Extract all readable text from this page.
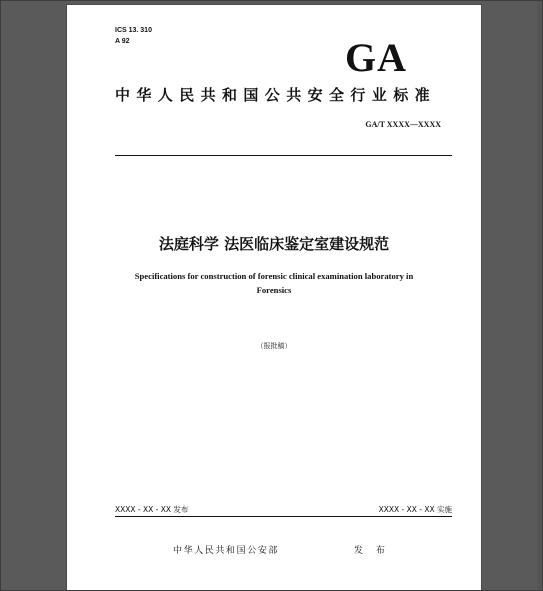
ICS 13. 310
A 92	GA
中华人民共和国公共安全行业标准
GA/T XXXX—XXXX
法庭科学 法医临床鉴定室建设规范
Specifications for construction of forensic clinical examination laboratory in Forensics
（报批稿）
XXXX - XX - XX 发布	XXXX - XX - XX 实施
中华人民共和国公安部	发 布
